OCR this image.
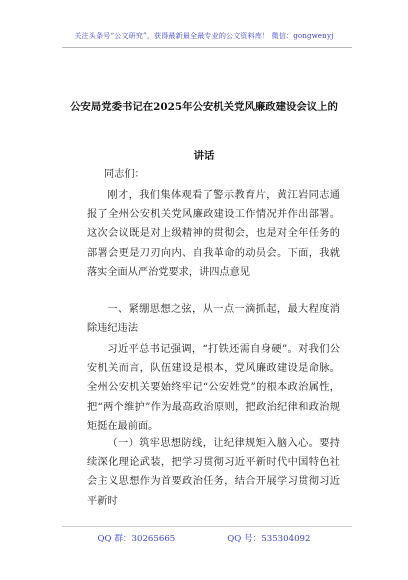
关注头条号“公文研究”，获得最新最全最专业的公文资料库！ 微信：gongwenyj
公安局党委书记在2025年公安机关党风廉政建设会议上的
讲话
同志们：
刚才，我们集体观看了警示教育片，黄江岩同志通报了全州公安机关党风廉政建设工作情况并作出部署。这次会议既是对上级精神的贯彻会，也是对全年任务的部署会更是刀刃向内、自我革命的动员会。下面，我就落实全面从严治党要求，讲四点意见
一、紧绷思想之弦，从一点一滴抓起，最大程度消除违纪违法
习近平总书记强调，“打铁还需自身硬”。对我们公安机关而言，队伍建设是根本，党风廉政建设是命脉。全州公安机关要始终牢记“公安姓党”的根本政治属性，把“两个维护”作为最高政治原则，把政治纪律和政治规矩挺在最前面。
（一）筑牢思想防线，让纪律规矩入脑入心。要持续深化理论武装，把学习贯彻习近平新时代中国特色社会主义思想作为首要政治任务，结合开展学习贯彻习近平新时
QQ 群：30265665	QQ 号：535304092
